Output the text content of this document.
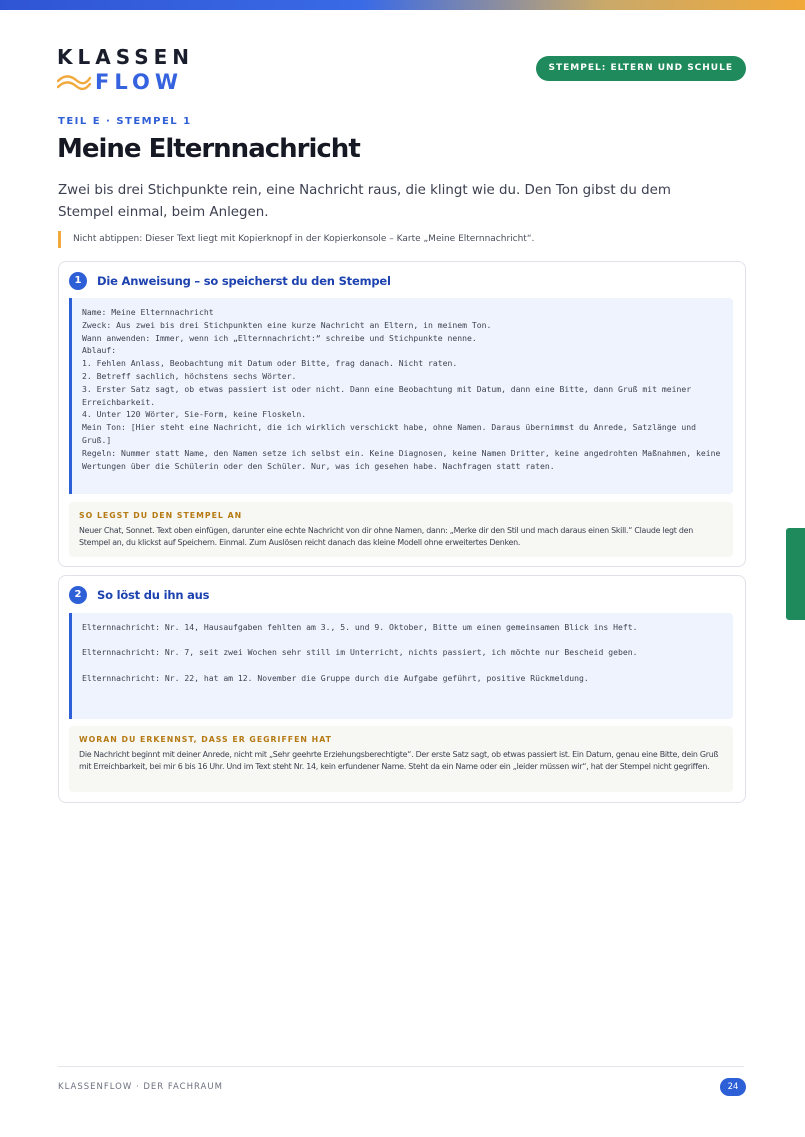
KLASSEN
FLOW
STEMPEL: ELTERN UND SCHULE
TEIL E · STEMPEL 1
Meine Elternnachricht

Zwei bis drei Stichpunkte rein, eine Nachricht raus, die klingt wie du. Den Ton gibst du dem Stempel einmal, beim Anlegen.

Nicht abtippen: Dieser Text liegt mit Kopierknopf in der Kopierkonsole – Karte „Meine Elternnachricht“.
1	Die Anweisung – so speicherst du den Stempel
Name: Meine Elternnachricht
Zweck: Aus zwei bis drei Stichpunkten eine kurze Nachricht an Eltern, in meinem Ton.
Wann anwenden: Immer, wenn ich „Elternnachricht:“ schreibe und Stichpunkte nenne.
Ablauf:
1. Fehlen Anlass, Beobachtung mit Datum oder Bitte, frag danach. Nicht raten.
2. Betreff sachlich, höchstens sechs Wörter.
3. Erster Satz sagt, ob etwas passiert ist oder nicht. Dann eine Beobachtung mit Datum, dann eine Bitte, dann Gruß mit meiner Erreichbarkeit.
4. Unter 120 Wörter, Sie-Form, keine Floskeln.
Mein Ton: [Hier steht eine Nachricht, die ich wirklich verschickt habe, ohne Namen. Daraus übernimmst du Anrede, Satzlänge und Gruß.]
Regeln: Nummer statt Name, den Namen setze ich selbst ein. Keine Diagnosen, keine Namen Dritter, keine angedrohten Maßnahmen, keine Wertungen über die Schülerin oder den Schüler. Nur, was ich gesehen habe. Nachfragen statt raten.
SO LEGST DU DEN STEMPEL AN
Neuer Chat, Sonnet. Text oben einfügen, darunter eine echte Nachricht von dir ohne Namen, dann: „Merke dir den Stil und mach daraus einen Skill.“ Claude legt den Stempel an, du klickst auf Speichern. Einmal. Zum Auslösen reicht danach das kleine Modell ohne erweitertes Denken.
2	So löst du ihn aus
Elternnachricht: Nr. 14, Hausaufgaben fehlten am 3., 5. und 9. Oktober, Bitte um einen gemeinsamen Blick ins Heft.
Elternnachricht: Nr. 7, seit zwei Wochen sehr still im Unterricht, nichts passiert, ich möchte nur Bescheid geben.
Elternnachricht: Nr. 22, hat am 12. November die Gruppe durch die Aufgabe geführt, positive Rückmeldung.
WORAN DU ERKENNST, DASS ER GEGRIFFEN HAT
Die Nachricht beginnt mit deiner Anrede, nicht mit „Sehr geehrte Erziehungsberechtigte“. Der erste Satz sagt, ob etwas passiert ist. Ein Datum, genau eine Bitte, dein Gruß mit Erreichbarkeit, bei mir 6 bis 16 Uhr. Und im Text steht Nr. 14, kein erfundener Name. Steht da ein Name oder ein „leider müssen wir“, hat der Stempel nicht gegriffen.
KLASSENFLOW · DER FACHRAUM	24
